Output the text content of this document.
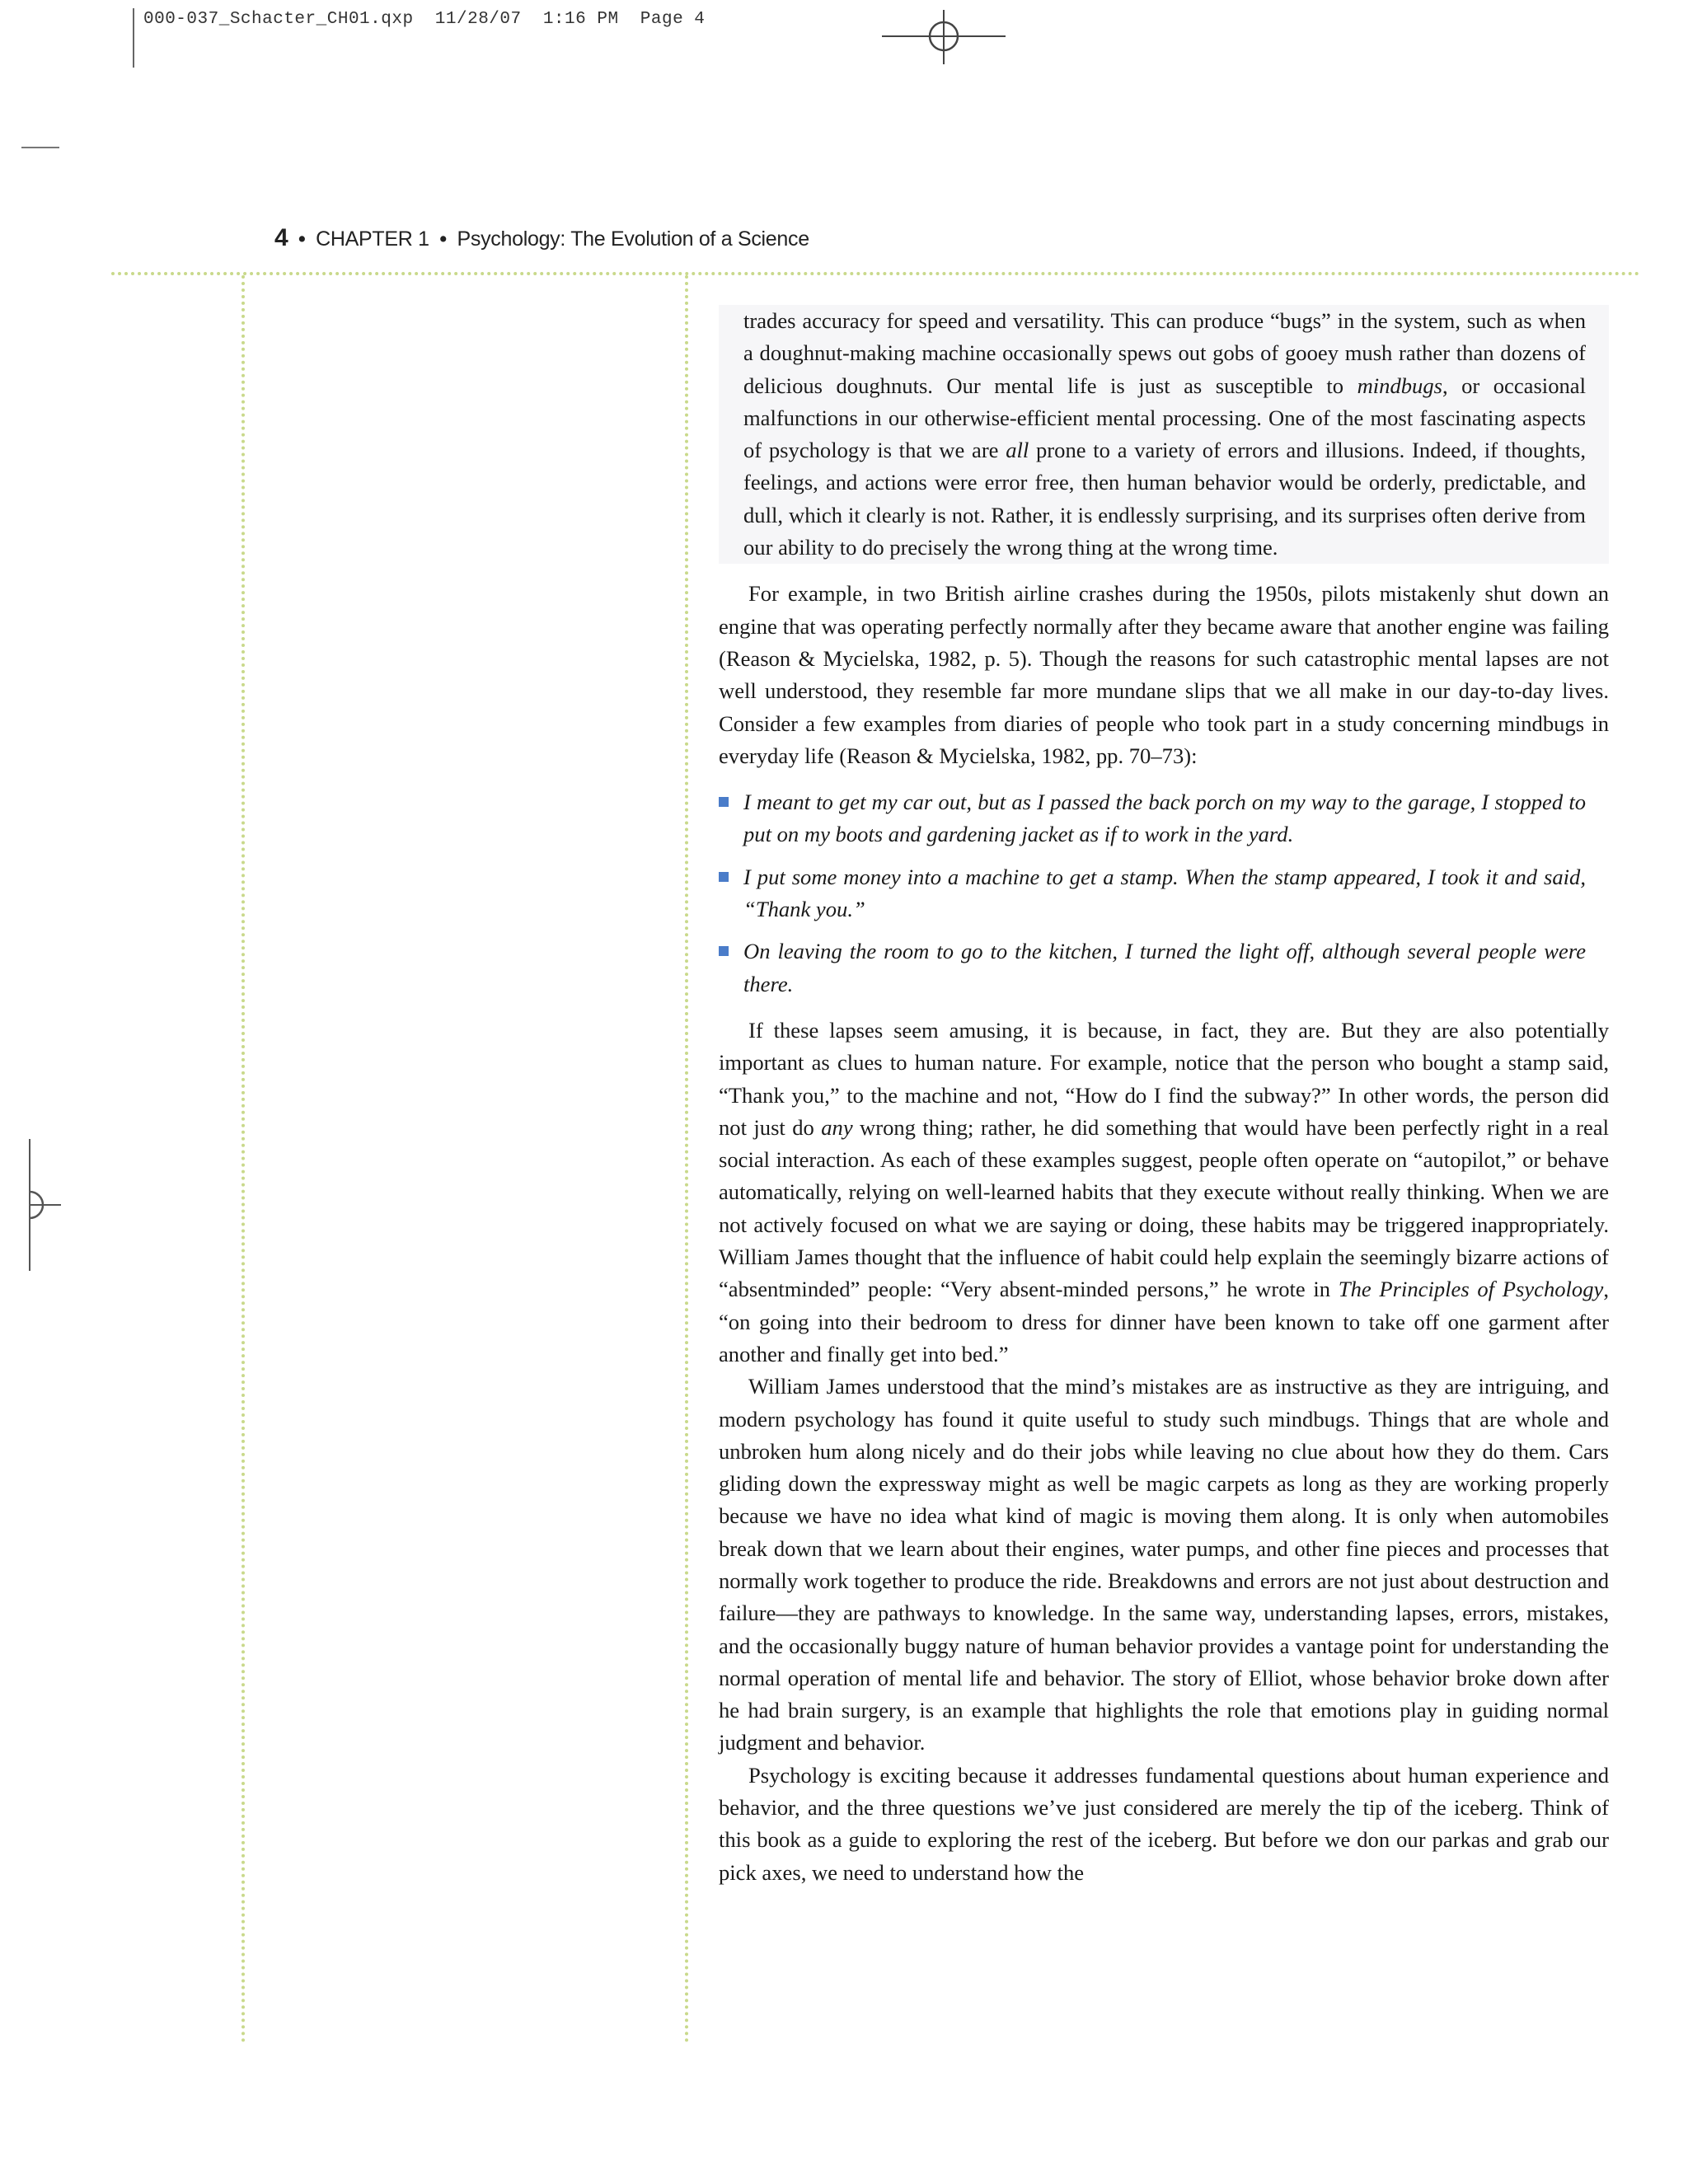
000-037_Schacter_CH01.qxp 11/28/07 1:16 PM Page 4
4 • CHAPTER 1 • Psychology: The Evolution of a Science

trades accuracy for speed and versatility. This can produce “bugs” in the system, such as when a doughnut-making machine occasionally spews out gobs of gooey mush rather than dozens of delicious doughnuts. Our mental life is just as susceptible to mindbugs, or occasional malfunctions in our otherwise-efficient mental processing. One of the most fascinating aspects of psychology is that we are all prone to a variety of errors and illusions. Indeed, if thoughts, feelings, and actions were error free, then human behavior would be orderly, predictable, and dull, which it clearly is not. Rather, it is endlessly surprising, and its surprises often derive from our ability to do precisely the wrong thing at the wrong time.

For example, in two British airline crashes during the 1950s, pilots mistakenly shut down an engine that was operating perfectly normally after they became aware that another engine was failing (Reason & Mycielska, 1982, p. 5). Though the reasons for such catastrophic mental lapses are not well understood, they resemble far more mundane slips that we all make in our day-to-day lives. Consider a few examples from diaries of people who took part in a study concerning mindbugs in everyday life (Reason & Mycielska, 1982, pp. 70–73):

I meant to get my car out, but as I passed the back porch on my way to the garage, I stopped to put on my boots and gardening jacket as if to work in the yard.
I put some money into a machine to get a stamp. When the stamp appeared, I took it and said, “Thank you.”
On leaving the room to go to the kitchen, I turned the light off, although several people were there.

If these lapses seem amusing, it is because, in fact, they are. But they are also potentially important as clues to human nature. For example, notice that the person who bought a stamp said, “Thank you,” to the machine and not, “How do I find the subway?” In other words, the person did not just do any wrong thing; rather, he did something that would have been perfectly right in a real social interaction. As each of these examples suggest, people often operate on “autopilot,” or behave automatically, relying on well-learned habits that they execute without really thinking. When we are not actively focused on what we are saying or doing, these habits may be triggered inappropriately. William James thought that the influence of habit could help explain the seemingly bizarre actions of “absentminded” people: “Very absent-minded persons,” he wrote in The Principles of Psychology, “on going into their bedroom to dress for dinner have been known to take off one garment after another and finally get into bed.”

William James understood that the mind’s mistakes are as instructive as they are intriguing, and modern psychology has found it quite useful to study such mindbugs. Things that are whole and unbroken hum along nicely and do their jobs while leaving no clue about how they do them. Cars gliding down the expressway might as well be magic carpets as long as they are working properly because we have no idea what kind of magic is moving them along. It is only when automobiles break down that we learn about their engines, water pumps, and other fine pieces and processes that normally work together to produce the ride. Breakdowns and errors are not just about destruction and failure—they are pathways to knowledge. In the same way, understanding lapses, errors, mistakes, and the occasionally buggy nature of human behavior provides a vantage point for understanding the normal operation of mental life and behavior. The story of Elliot, whose behavior broke down after he had brain surgery, is an example that highlights the role that emotions play in guiding normal judgment and behavior.

Psychology is exciting because it addresses fundamental questions about human experience and behavior, and the three questions we’ve just considered are merely the tip of the iceberg. Think of this book as a guide to exploring the rest of the iceberg. But before we don our parkas and grab our pick axes, we need to understand how the
